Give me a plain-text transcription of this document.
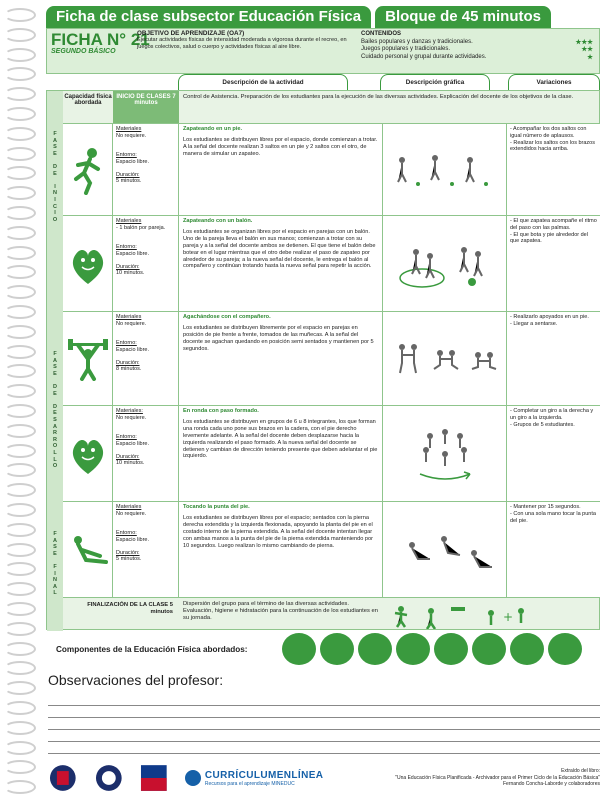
Ficha de clase subsector Educación Física	Bloque de 45 minutos
FICHA N° 21
SEGUNDO BÁSICO
OBJETIVO DE APRENDIZAJE (OA7)
Ejecutar actividades físicas de intensidad moderada a vigorosa durante el recreo, en juegos colectivos, salud o cuerpo y actividades físicas al aire libre.
CONTENIDOS
Bailes populares y danzas y tradicionales.	★★★
Juegos populares y tradicionales.	★★
Cuidado personal y grupal durante actividades.	★
Descripción de la actividad	Descripción gráfica	Variaciones
F
A
S
E

D
E

I
N
I
C
I
O
F
A
S
E

D
E

D
E
S
A
R
R
O
L
L
O
F
A
S
E

F
I
N
A
L
Capacidad física abordada
INICIO DE CLASES 7 minutos
Control de Asistencia. Preparación de los estudiantes para la ejecución de las diversas actividades. Explicación del docente de los objetivos de la clase.
Materiales
No requiere.

Entorno:
Espacio libre.

Duración:
5 minutos.
Zapateando en un pie.
Los estudiantes se distribuyen libres por el espacio, donde comienzan a trotar. A la señal del docente realizan 3 saltos en un pie y 2 saltos con el otro, de manera de simular un zapateo.
- Acompañar los dos saltos con igual número de aplausos.
- Realizar los saltos con los brazos extendidos hacia arriba.
Materiales
- 1 balón por pareja.

Entorno:
Espacio libre.

Duración:
10 minutos.
Zapateando con un balón.
Los estudiantes se organizan libres por el espacio en parejas con un balón. Uno de la pareja lleva el balón en sus manos; comienzan a trotar con su pareja y a la señal del docente ambos se detienen. El que tiene el balón debe botear en el lugar mientras que el otro debe realizar el paso de zapateo por alrededor de su pareja; a la nueva señal del docente, le entrega el balón al compañero y continúan trotando hasta la nueva señal para repetir la acción.
- El que zapatea acompañe el ritmo del paso con las palmas.
- El que bota y pie alrededor del que zapatea.
Materiales
No requiere.

Entorno:
Espacio libre.

Duración:
8 minutos.
Agachándose con el compañero.
Los estudiantes se distribuyen libremente por el espacio en parejas en posición de pie frente a frente, tomados de las muñecas. A la señal del docente se agachan quedando en posición semi sentados y mantienen por 5 segundos.
- Realizarlo apoyados en un pie.
- Llegar a sentarse.
Materiales:
No requiere.

Entorno:
Espacio libre.

Duración:
10 minutos.
En ronda con paso formado.
Los estudiantes se distribuyen en grupos de 6 u 8 integrantes, los que forman una ronda cada uno pone sus brazos en la cadera, con el pie derecho levemente adelante. A la señal del docente deben desplazarse hacia la izquierda realizando el paso formado. A la nueva señal del docente se detienen y cambian de dirección teniendo presente que deben adelantar el pie izquierdo.
- Completar un giro a la derecha y un giro a la izquierda.
- Grupos de 5 estudiantes.
Materiales
No requiere.

Entorno:
Espacio libre.

Duración:
5 minutos.
Tocando la punta del pie.
Los estudiantes se distribuyen libres por el espacio; sentados con la pierna derecha extendida y la izquierda flexionada, apoyando la planta del pie en el costado interno de la pierna extendida. A la señal del docente intentan llegar con ambas manos a la punta del pie de la pierna extendida manteniendo por 10 segundos. Luego realizan lo mismo cambiando de pierna.
- Mantener por 15 segundos.
- Con una sola mano tocar la punta del pie.
FINALIZACIÓN DE LA CLASE 5 minutos
Dispersión del grupo para el término de las diversas actividades. Evaluación, higiene e hidratación para la continuación de los estudiantes en su jornada.	+
Componentes de la Educación Física abordados:
Observaciones del profesor:
CURRÍCULUMENLÍNEA
Recursos para el aprendizaje MINEDUC
Extraído del libro:
"Una Educación Física Planificada - Archivador para el Primer Ciclo de la Educación Básica"
Fernando Concha-Laborde y colaboradores
